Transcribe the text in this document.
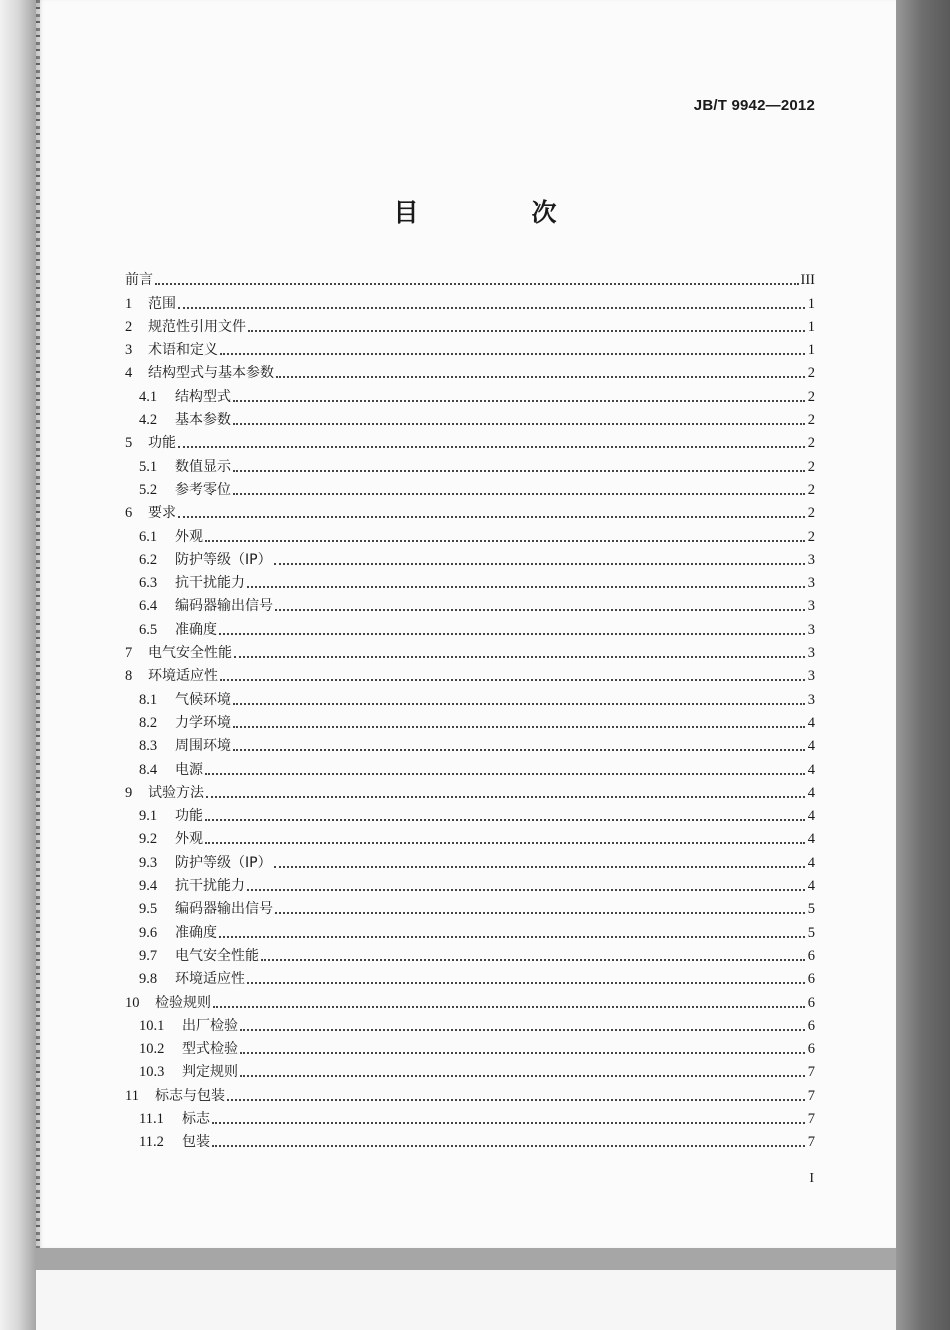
JB/T 9942—2012
目　次
前言	III
1	范围	1
2	规范性引用文件	1
3	术语和定义	1
4	结构型式与基本参数	2
4.1	结构型式	2
4.2	基本参数	2
5	功能	2
5.1	数值显示	2
5.2	参考零位	2
6	要求	2
6.1	外观	2
6.2	防护等级（IP）	3
6.3	抗干扰能力	3
6.4	编码器输出信号	3
6.5	准确度	3
7	电气安全性能	3
8	环境适应性	3
8.1	气候环境	3
8.2	力学环境	4
8.3	周围环境	4
8.4	电源	4
9	试验方法	4
9.1	功能	4
9.2	外观	4
9.3	防护等级（IP）	4
9.4	抗干扰能力	4
9.5	编码器输出信号	5
9.6	准确度	5
9.7	电气安全性能	6
9.8	环境适应性	6
10	检验规则	6
10.1	出厂检验	6
10.2	型式检验	6
10.3	判定规则	7
11	标志与包装	7
11.1	标志	7
11.2	包装	7
I
